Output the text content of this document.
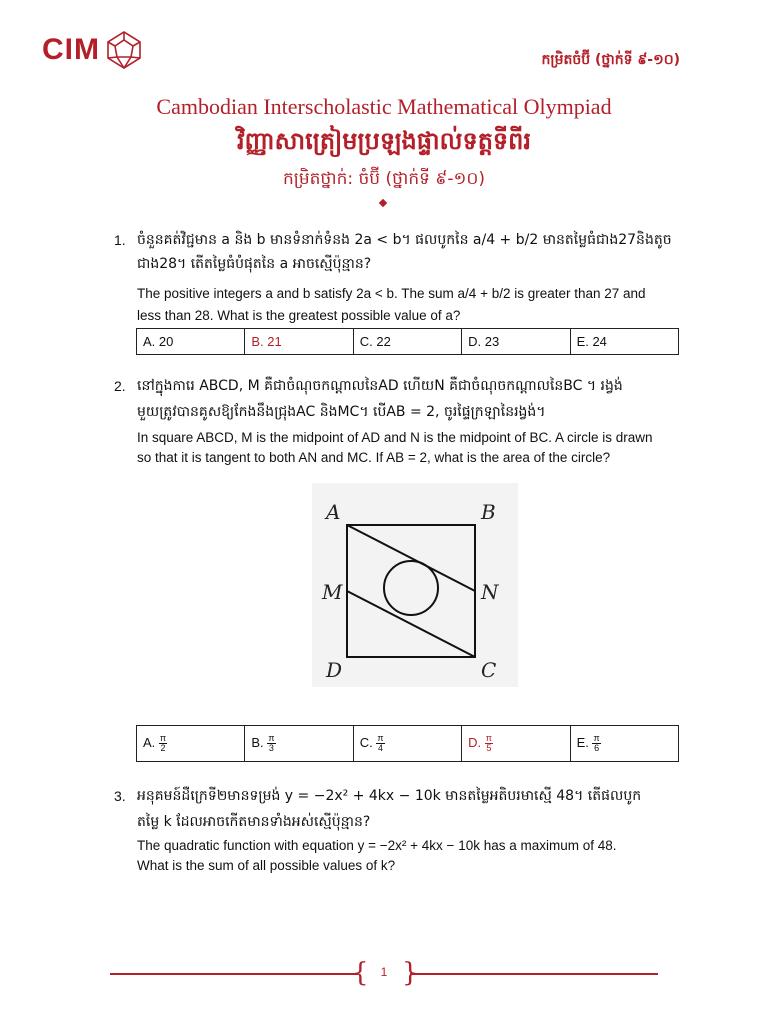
CIM	កម្រិតចំប៊ី (ថ្នាក់ទី ៩-១០)
Cambodian Interscholastic Mathematical Olympiad
វិញ្ញាសាត្រៀមប្រឡងផ្ទាល់ទត្តទីពីរ
កម្រិតថ្នាក់: ចំប៊ី (ថ្នាក់ទី ៩-១០)
1. ចំនួនគត់វិជ្ជមាន a និង b មានទំនាក់ទំនង 2a < b។ ផលបូកនៃ a/4 + b/2 មានតម្លៃធំជាង27និងតូច
ជាង28។ តើតម្លៃធំបំផុតនៃ a អាចស្មើប៉ុន្មាន?
The positive integers a and b satisfy 2a < b. The sum a/4 + b/2 is greater than 27 and
less than 28. What is the greatest possible value of a?
A. 20	B. 21	C. 22	D. 23	E. 24
2. នៅក្នុងការេ ABCD, M គឺជាចំណុចកណ្ដាលនៃAD ហើយN គឺជាចំណុចកណ្ដាលនៃBC ។ រង្វង់
មួយត្រូវបានគូសឱ្យកែងនឹងជ្រុងAC និងMC។ បើAB = 2, ចូរផ្ទៃក្រឡានៃរង្វង់។
In square ABCD, M is the midpoint of AD and N is the midpoint of BC. A circle is drawn
so that it is tangent to both AN and MC. If AB = 2, what is the area of the circle?
A	B
M	N
D	C
A. $\frac{\pi}{2}$	B. $\frac{\pi}{3}$	C. $\frac{\pi}{4}$	D. $\frac{\pi}{5}$	E. $\frac{\pi}{6}$
3. អនុគមន៍ដឺក្រេទី២មានទម្រង់ y = −2x² + 4kx − 10k មានតម្លៃអតិបរមាស្មើ 48។ តើផលបូក
តម្លៃ k ដែលអាចកើតមានទាំងអស់ស្មើប៉ុន្មាន?
The quadratic function with equation y = −2x² + 4kx − 10k has a maximum of 48.
What is the sum of all possible values of k?
{	1 }
